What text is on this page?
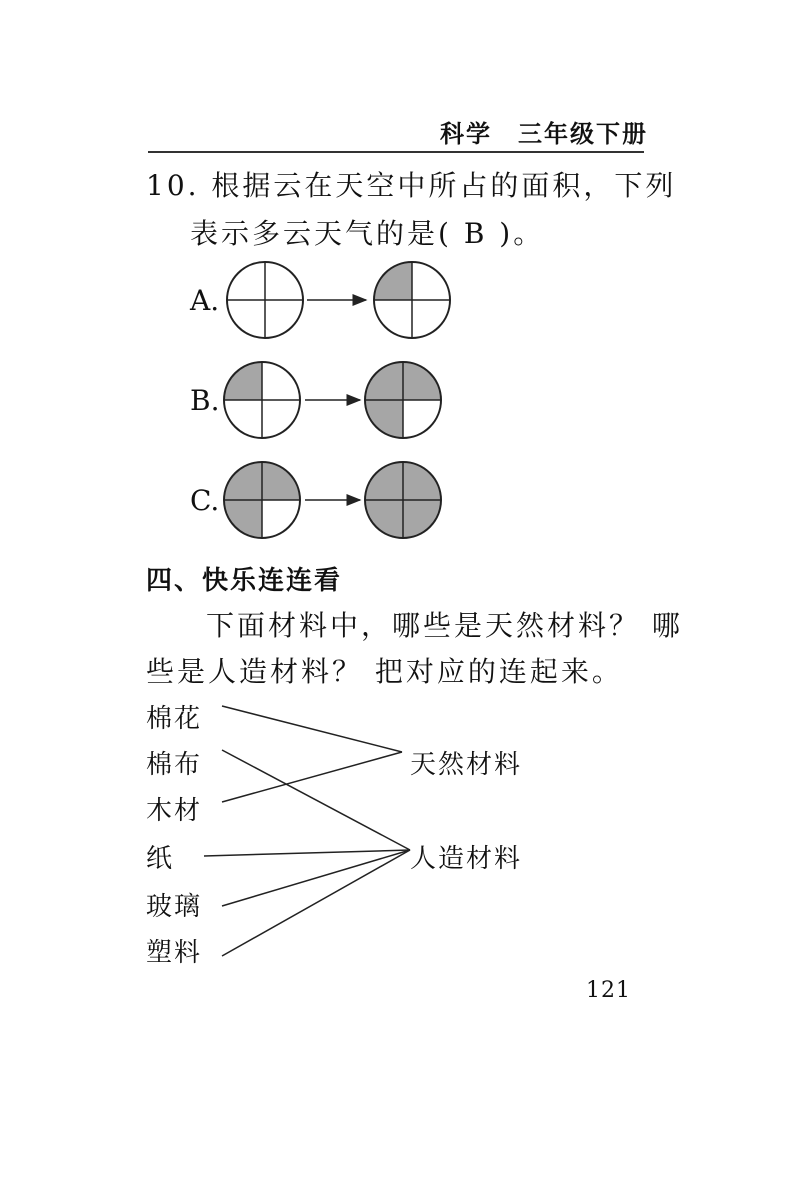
科学　三年级下册
10. 根据云在天空中所占的面积，下列
表示多云天气的是( B )。
A.
B.
C.
四、快乐连连看
下面材料中，哪些是天然材料？ 哪
些是人造材料？ 把对应的连起来。
棉花
棉布
木材
纸
玻璃
塑料
天然材料
人造材料
121
